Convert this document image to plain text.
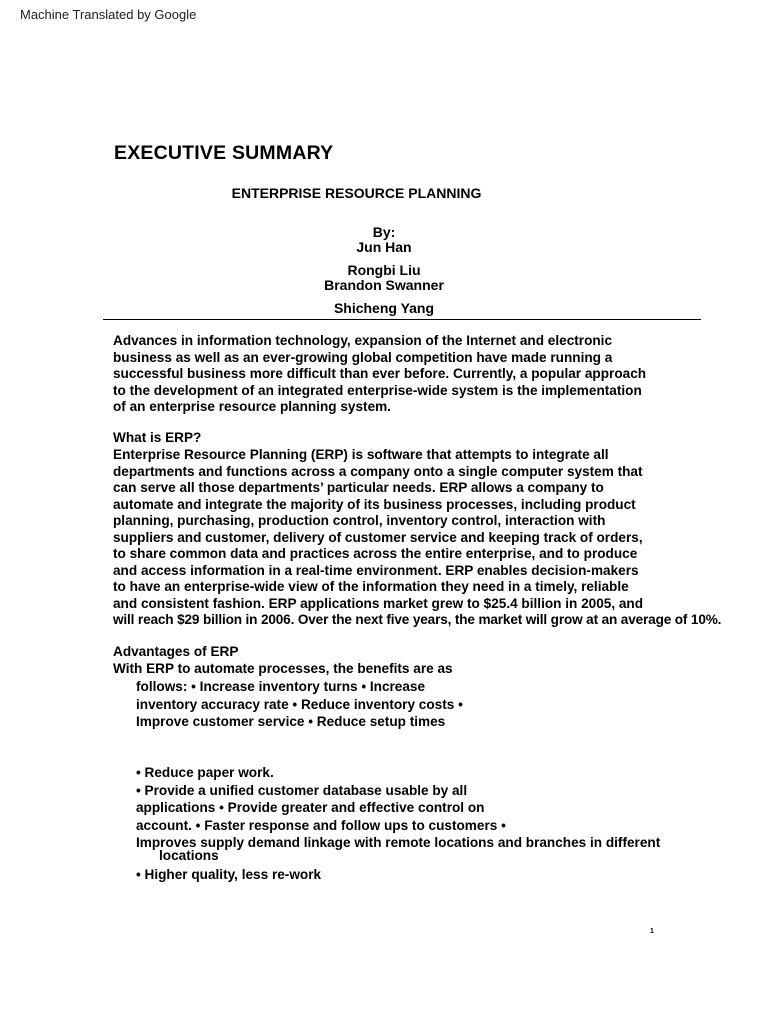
Machine Translated by Google
EXECUTIVE SUMMARY
ENTERPRISE RESOURCE PLANNING
By:
Jun Han
Rongbi Liu
Brandon Swanner
Shicheng Yang
Advances in information technology, expansion of the Internet and electronic
business as well as an ever-growing global competition have made running a
successful business more difficult than ever before. Currently, a popular approach
to the development of an integrated enterprise-wide system is the implementation
of an enterprise resource planning system.
What is ERP?
Enterprise Resource Planning (ERP) is software that attempts to integrate all
departments and functions across a company onto a single computer system that
can serve all those departments’ particular needs. ERP allows a company to
automate and integrate the majority of its business processes, including product
planning, purchasing, production control, inventory control, interaction with
suppliers and customer, delivery of customer service and keeping track of orders,
to share common data and practices across the entire enterprise, and to produce
and access information in a real-time environment. ERP enables decision-makers
to have an enterprise-wide view of the information they need in a timely, reliable
and consistent fashion. ERP applications market grew to $25.4 billion in 2005, and
will reach $29 billion in 2006. Over the next five years, the market will grow at an average of 10%.
Advantages of ERP
With ERP to automate processes, the benefits are as
follows: • Increase inventory turns • Increase
inventory accuracy rate • Reduce inventory costs •
Improve customer service • Reduce setup times
• Reduce paper work.
• Provide a unified customer database usable by all
applications • Provide greater and effective control on
account. • Faster response and follow ups to customers •
Improves supply demand linkage with remote locations and branches in different
locations
• Higher quality, less re-work
1
